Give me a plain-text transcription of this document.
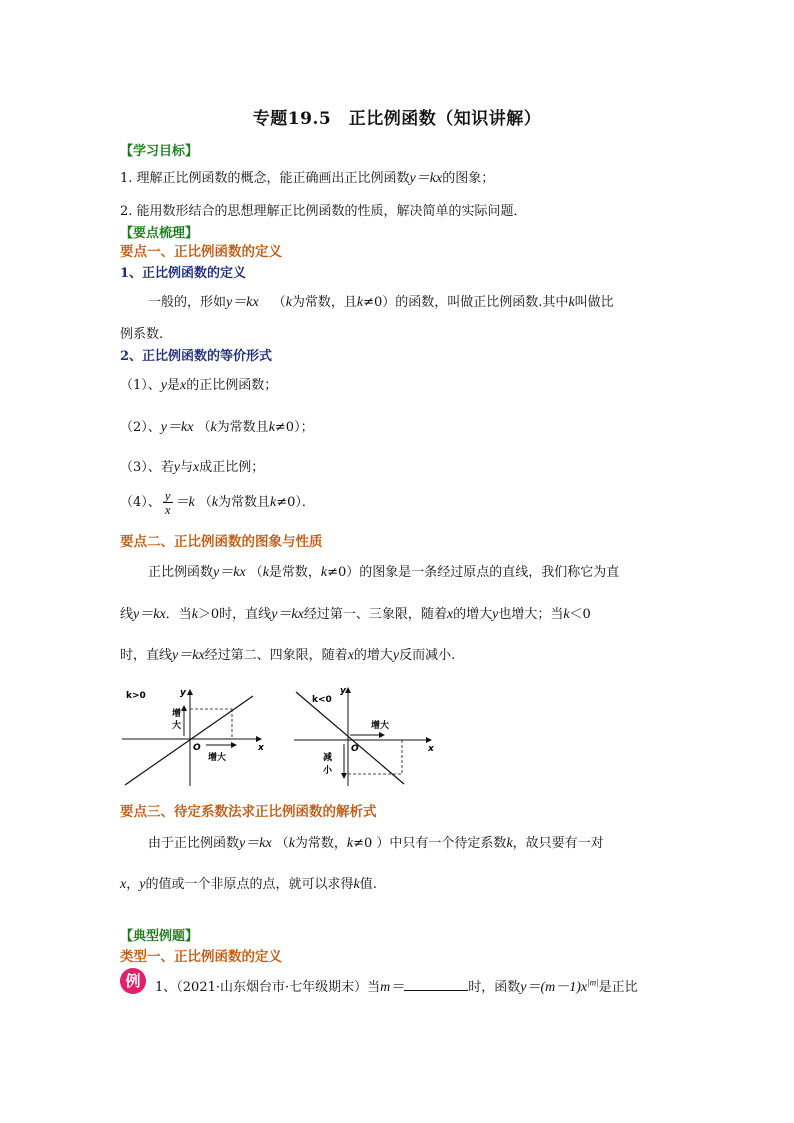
专题19.5　正比例函数（知识讲解）
【学习目标】
1. 理解正比例函数的概念，能正确画出正比例函数y＝kx的图象；
2. 能用数形结合的思想理解正比例函数的性质，解决简单的实际问题．
【要点梳理】
要点一、正比例函数的定义
1、正比例函数的定义
一般的，形如y＝kx （k为常数，且k≠0）的函数，叫做正比例函数.其中k叫做比
例系数.
2、正比例函数的等价形式
（1）、y是x的正比例函数；
（2）、y＝kx （k为常数且k≠0）；
（3）、若y与x成正比例；
（4）、 $\frac{y}{x} =k$ （k为常数且k≠0）．
要点二、正比例函数的图象与性质
正比例函数y＝kx （k是常数，k≠0）的图象是一条经过原点的直线，我们称它为直
线y＝kx．当k＞0时，直线y＝kx经过第一、三象限，随着x的增大y也增大；当k＜0
时，直线y＝kx经过第二、四象限，随着x的增大y反而减小.
k>0	y
x
O
增
大
增大
k<0
y
x
O
减
小
增大
要点三、待定系数法求正比例函数的解析式
由于正比例函数y＝kx （k为常数，k≠0 ）中只有一个待定系数k，故只要有一对
x，y的值或一个非原点的点，就可以求得k值.
【典型例题】
类型一、正比例函数的定义
例	1、（2021·山东烟台市·七年级期末）当m＝	时，函数$y=(m-1)x^{|m|}$是正比
